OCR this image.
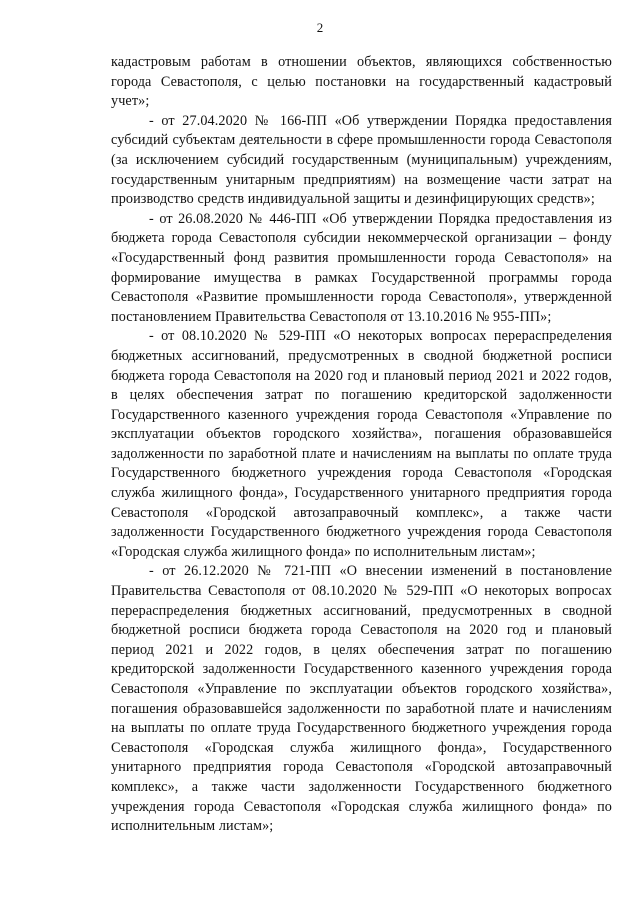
2

кадастровым работам в отношении объектов, являющихся собственностью города Севастополя, с целью постановки на государственный кадастровый учет»;

- от 27.04.2020 № 166-ПП «Об утверждении Порядка предоставления субсидий субъектам деятельности в сфере промышленности города Севастополя (за исключением субсидий государственным (муниципальным) учреждениям, государственным унитарным предприятиям) на возмещение части затрат на производство средств индивидуальной защиты и дезинфицирующих средств»;

- от 26.08.2020 № 446-ПП «Об утверждении Порядка предоставления из бюджета города Севастополя субсидии некоммерческой организации – фонду «Государственный фонд развития промышленности города Севастополя» на формирование имущества в рамках Государственной программы города Севастополя «Развитие промышленности города Севастополя», утвержденной постановлением Правительства Севастополя от 13.10.2016 № 955-ПП»;

- от 08.10.2020 № 529-ПП «О некоторых вопросах перераспределения бюджетных ассигнований, предусмотренных в сводной бюджетной росписи бюджета города Севастополя на 2020 год и плановый период 2021 и 2022 годов, в целях обеспечения затрат по погашению кредиторской задолженности Государственного казенного учреждения города Севастополя «Управление по эксплуатации объектов городского хозяйства», погашения образовавшейся задолженности по заработной плате и начислениям на выплаты по оплате труда Государственного бюджетного учреждения города Севастополя «Городская служба жилищного фонда», Государственного унитарного предприятия города Севастополя «Городской автозаправочный комплекс», а также части задолженности Государственного бюджетного учреждения города Севастополя «Городская служба жилищного фонда» по исполнительным листам»;

- от 26.12.2020 № 721-ПП «О внесении изменений в постановление Правительства Севастополя от 08.10.2020 № 529-ПП «О некоторых вопросах перераспределения бюджетных ассигнований, предусмотренных в сводной бюджетной росписи бюджета города Севастополя на 2020 год и плановый период 2021 и 2022 годов, в целях обеспечения затрат по погашению кредиторской задолженности Государственного казенного учреждения города Севастополя «Управление по эксплуатации объектов городского хозяйства», погашения образовавшейся задолженности по заработной плате и начислениям на выплаты по оплате труда Государственного бюджетного учреждения города Севастополя «Городская служба жилищного фонда», Государственного унитарного предприятия города Севастополя «Городской автозаправочный комплекс», а также части задолженности Государственного бюджетного учреждения города Севастополя «Городская служба жилищного фонда» по исполнительным листам»;
